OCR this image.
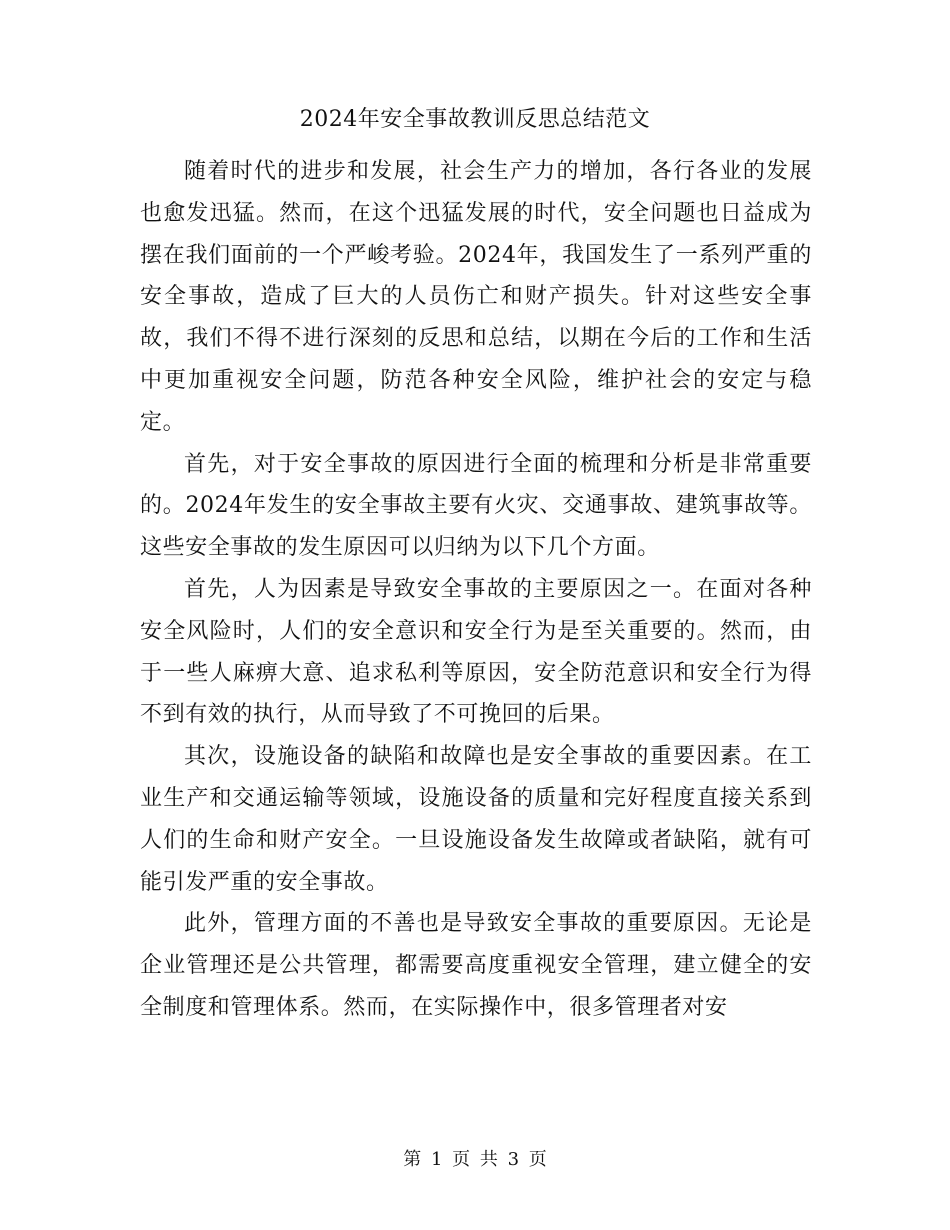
2024年安全事故教训反思总结范文

随着时代的进步和发展，社会生产力的增加，各行各业的发展也愈发迅猛。然而，在这个迅猛发展的时代，安全问题也日益成为摆在我们面前的一个严峻考验。2024年，我国发生了一系列严重的安全事故，造成了巨大的人员伤亡和财产损失。针对这些安全事故，我们不得不进行深刻的反思和总结，以期在今后的工作和生活中更加重视安全问题，防范各种安全风险，维护社会的安定与稳定。

首先，对于安全事故的原因进行全面的梳理和分析是非常重要的。2024年发生的安全事故主要有火灾、交通事故、建筑事故等。这些安全事故的发生原因可以归纳为以下几个方面。

首先，人为因素是导致安全事故的主要原因之一。在面对各种安全风险时，人们的安全意识和安全行为是至关重要的。然而，由于一些人麻痹大意、追求私利等原因，安全防范意识和安全行为得不到有效的执行，从而导致了不可挽回的后果。

其次，设施设备的缺陷和故障也是安全事故的重要因素。在工业生产和交通运输等领域，设施设备的质量和完好程度直接关系到人们的生命和财产安全。一旦设施设备发生故障或者缺陷，就有可能引发严重的安全事故。

此外，管理方面的不善也是导致安全事故的重要原因。无论是企业管理还是公共管理，都需要高度重视安全管理，建立健全的安全制度和管理体系。然而，在实际操作中，很多管理者对安

第 1 页 共 3 页
